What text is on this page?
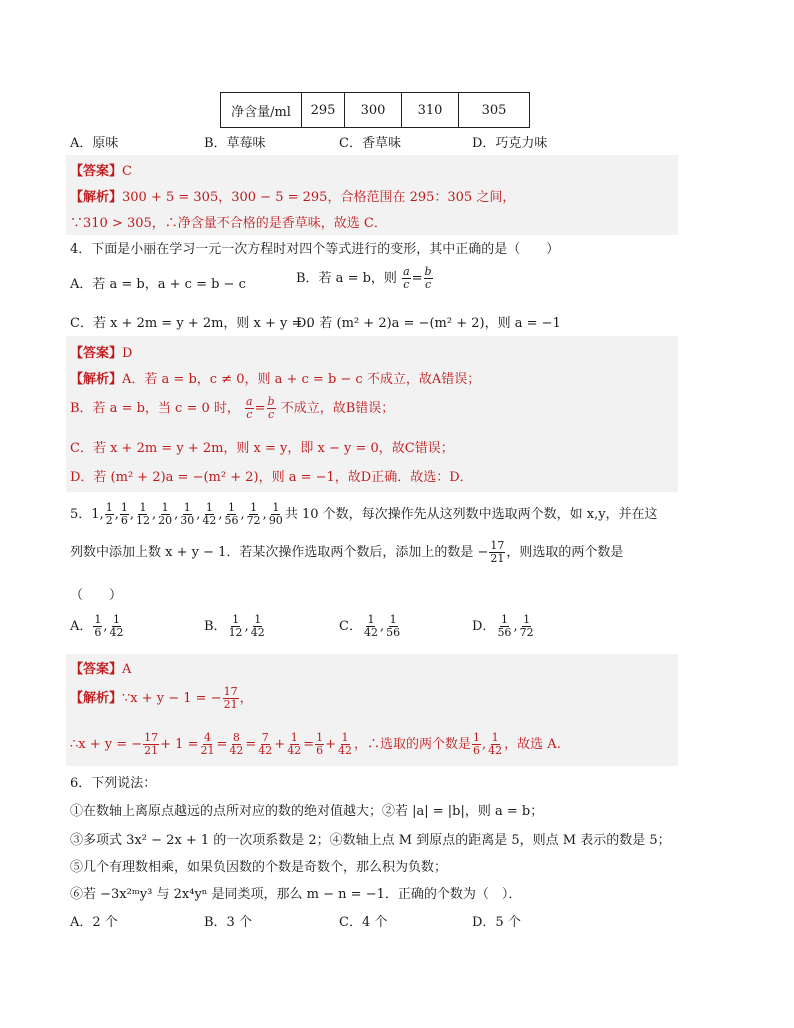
净含量/ml	295	300	310	305
A．原味	B．草莓味	C．香草味	D．巧克力味
【答案】C
【解析】300 + 5 = 305，300 − 5 = 295，合格范围在 295：305 之间，
∵310 > 305，∴净含量不合格的是香草味，故选 C．
4．下面是小丽在学习一元一次方程时对四个等式进行的变形，其中正确的是（　　）
A．若 a = b，a + c = b − c	B．若 a = b，则 $\frac{a}{c} = \frac{b}{c}$
C．若 x + 2m = y + 2m，则 x + y = 0
D．若 (m² + 2)a = −(m² + 2)，则 a = −1
【答案】D
【解析】A．若 a = b，c ≠ 0，则 a + c = b − c 不成立，故A错误；
B．若 a = b，当 c = 0 时， $\frac{a}{c} = \frac{b}{c}$ 不成立，故B错误；
C．若 x + 2m = y + 2m，则 x = y，即 x − y = 0，故C错误；
D．若 (m² + 2)a = −(m² + 2)，则 a = −1，故D正确．故选：D．
5．1, $\frac{1}{2}$ , $\frac{1}{6}$ , $\frac{1}{12}$ , $\frac{1}{20}$ , $\frac{1}{30}$ , $\frac{1}{42}$ , $\frac{1}{56}$ , $\frac{1}{72}$ , $\frac{1}{90}$ 共 10 个数，每次操作先从这列数中选取两个数，如 x,y，并在这
列数中添加上数 x + y − 1．若某次操作选取两个数后，添加上的数是 − $\frac{17}{21}$ ，则选取的两个数是
（　　）
A． $\frac{1}{6}$ , $\frac{1}{42}$	B． $\frac{1}{12}$ , $\frac{1}{42}$	C． $\frac{1}{42}$ , $\frac{1}{56}$	D． $\frac{1}{56}$ , $\frac{1}{72}$
【答案】A
【解析】∵x + y − 1 = − $\frac{17}{21}$ ，
∴x + y = − $\frac{17}{21} + 1 = \frac{4}{21} = \frac{8}{42} = \frac{7}{42} + \frac{1}{42} = \frac{1}{6} + \frac{1}{42}$ ，∴选取的两个数是 $\frac{1}{6}$ , $\frac{1}{42}$ ，故选 A.
6．下列说法：
①在数轴上离原点越远的点所对应的数的绝对值越大；②若 |a| = |b|，则 a = b；
③多项式 3x² − 2x + 1 的一次项系数是 2；④数轴上点 M 到原点的距离是 5，则点 M 表示的数是 5；
⑤几个有理数相乘，如果负因数的个数是奇数个，那么积为负数；
⑥若 −3x²ᵐy³ 与 2x⁴yⁿ 是同类项，那么 m − n = −1．正确的个数为（　）．
A．2 个	B．3 个	C．4 个	D．5 个
